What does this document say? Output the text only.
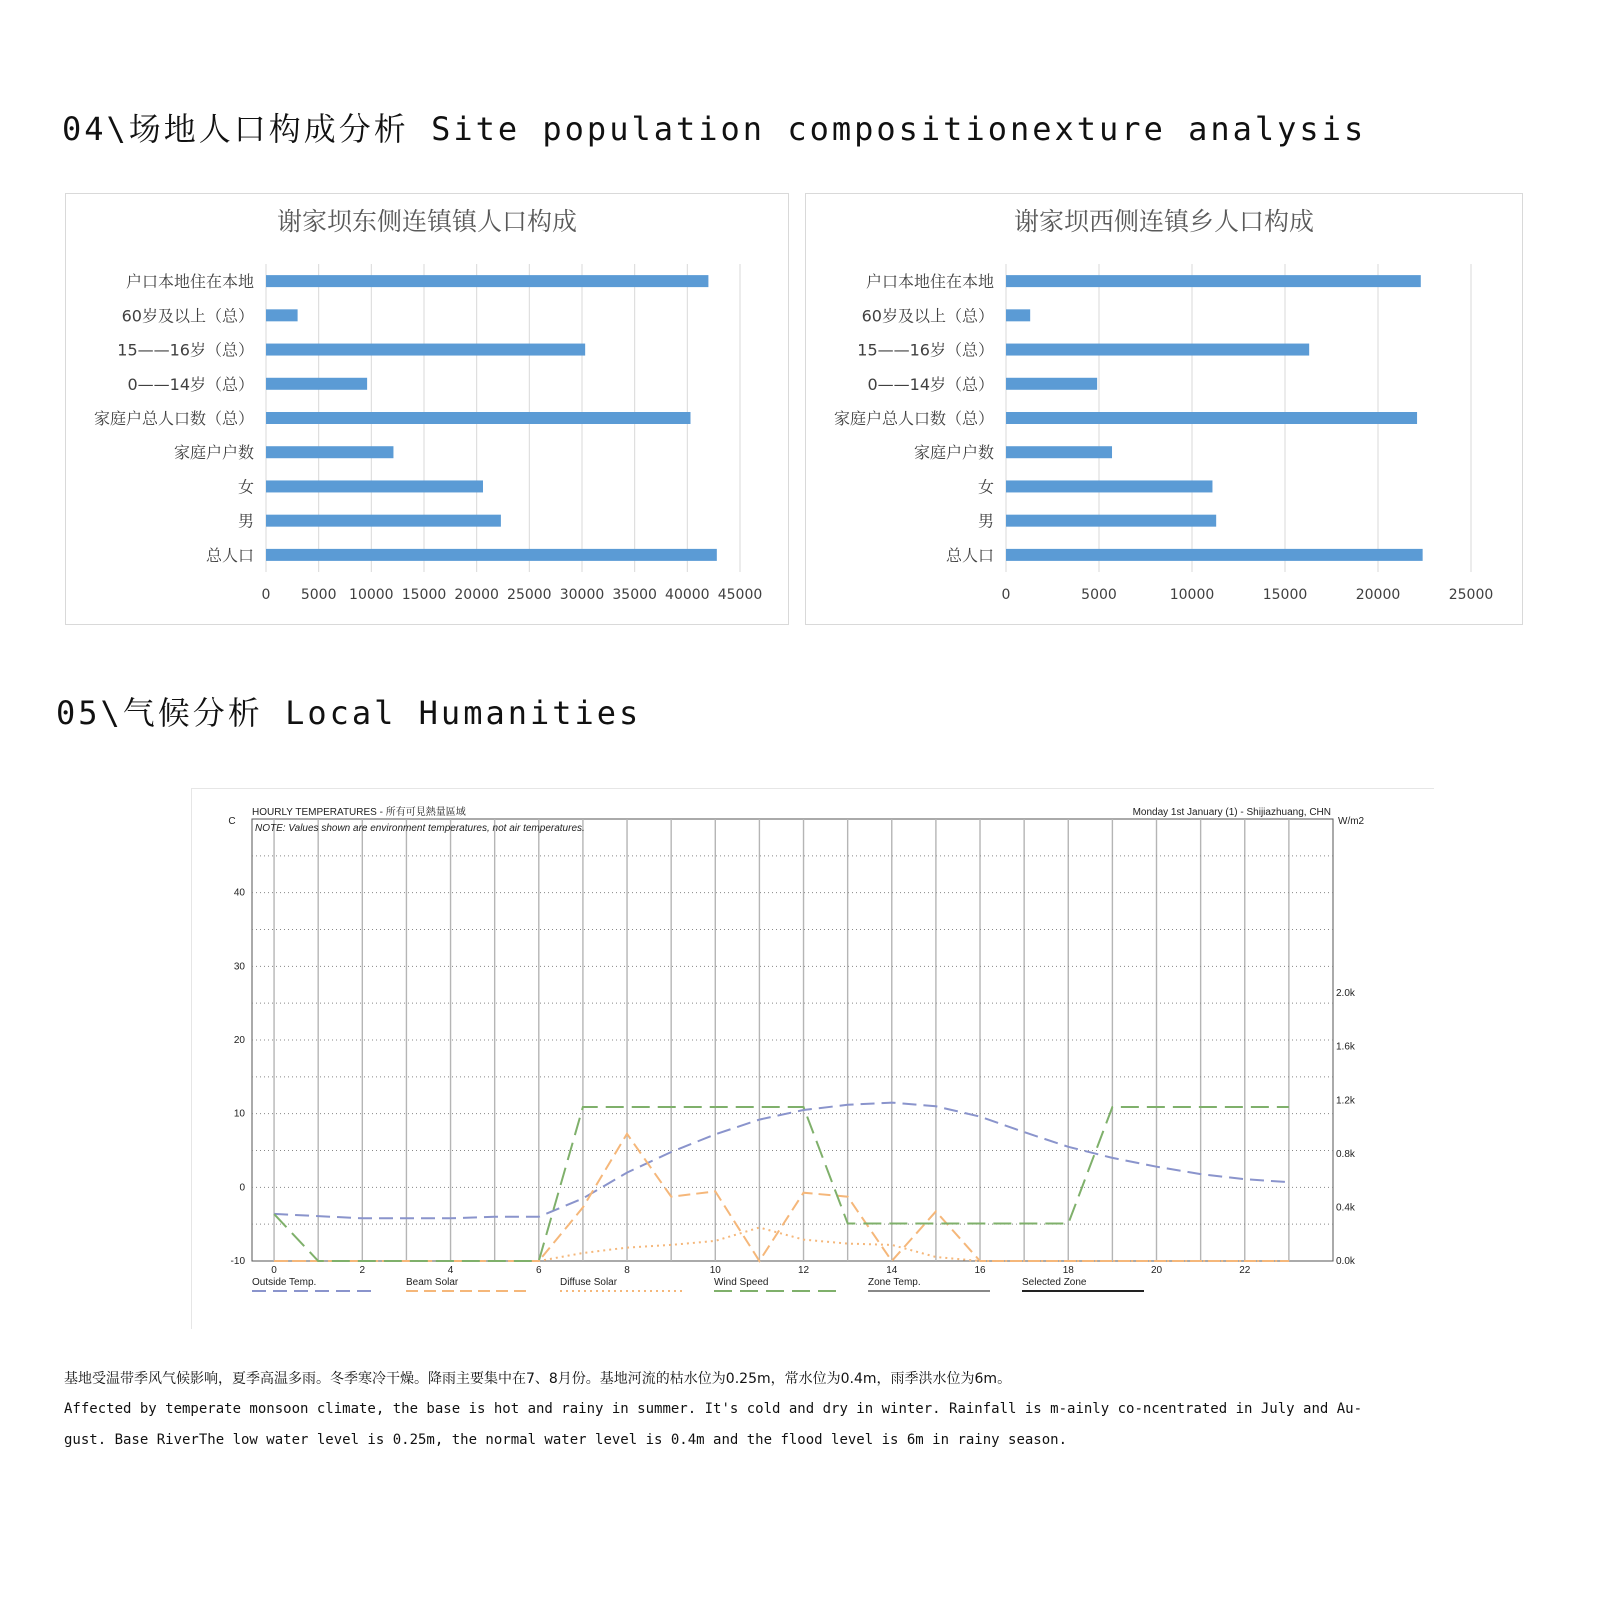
04\场地人口构成分析 Site population compositionexture analysis
谢家坝东侧连镇镇人口构成
0 5000 10000 15000 20000 25000 30000 35000 40000 45000
户口本地住在本地
60岁及以上（总）
15——16岁（总）
0——14岁（总）
家庭户总人口数（总）
家庭户户数
女
男
总人口
谢家坝西侧连镇乡人口构成
0	5000	10000	15000	20000	25000
户口本地住在本地
60岁及以上（总）
15——16岁（总）
0——14岁（总）
家庭户总人口数（总）
家庭户户数
女
男
总人口
05\气候分析 Local Humanities
-10
0
10
20
30
40
0.0k
0.4k
0.8k
1.2k
1.6k
2.0k
0	2	4	6	8	10	12	14	16	18	20	22
HOURLY TEMPERATURES - 所有可見熱量區域	Monday 1st January (1) - Shijiazhuang, CHN
NOTE: Values shown are environment temperatures, not air temperatures.
C	W/m2
Outside Temp.	Beam Solar	Diffuse Solar	Wind Speed	Zone Temp.	Selected Zone

基地受温带季风气候影响，夏季高温多雨。冬季寒冷干燥。降雨主要集中在7、8月份。基地河流的枯水位为0.25m，常水位为0.4m，雨季洪水位为6m。

Affected by temperate monsoon climate, the base is hot and rainy in summer. It's cold and dry in winter. Rainfall is m-ainly co-ncentrated in July and Au-

gust. Base RiverThe low water level is 0.25m, the normal water level is 0.4m and the flood level is 6m in rainy season.
